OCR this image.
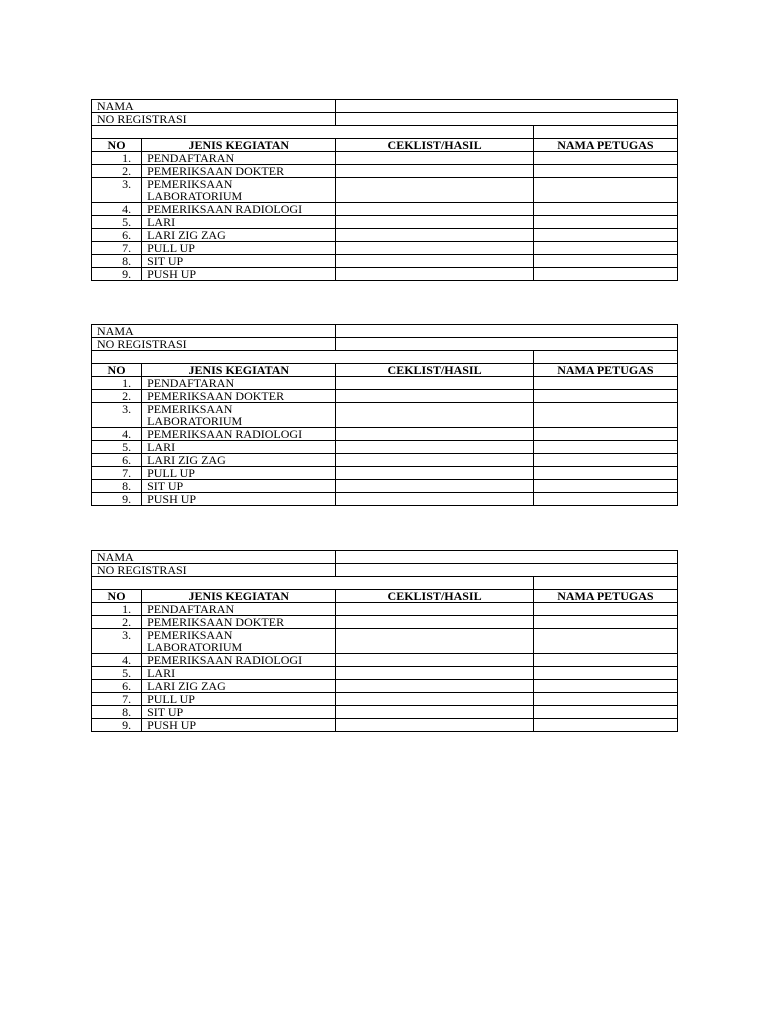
NAMA			
NO REGISTRASI			

NO	JENIS KEGIATAN	CEKLIST/HASIL	NAMA PETUGAS
1.	PENDAFTARAN		
2.	PEMERIKSAAN DOKTER		
3.	PEMERIKSAAN LABORATORIUM		
4.	PEMERIKSAAN RADIOLOGI		
5.	LARI		
6.	LARI ZIG ZAG		
7.	PULL UP		
8.	SIT UP		
9.	PUSH UP		
NAMA			
NO REGISTRASI			

NO	JENIS KEGIATAN	CEKLIST/HASIL	NAMA PETUGAS
1.	PENDAFTARAN		
2.	PEMERIKSAAN DOKTER		
3.	PEMERIKSAAN LABORATORIUM		
4.	PEMERIKSAAN RADIOLOGI		
5.	LARI		
6.	LARI ZIG ZAG		
7.	PULL UP		
8.	SIT UP		
9.	PUSH UP		
NAMA			
NO REGISTRASI			

NO	JENIS KEGIATAN	CEKLIST/HASIL	NAMA PETUGAS
1.	PENDAFTARAN		
2.	PEMERIKSAAN DOKTER		
3.	PEMERIKSAAN LABORATORIUM		
4.	PEMERIKSAAN RADIOLOGI		
5.	LARI		
6.	LARI ZIG ZAG		
7.	PULL UP		
8.	SIT UP		
9.	PUSH UP		
